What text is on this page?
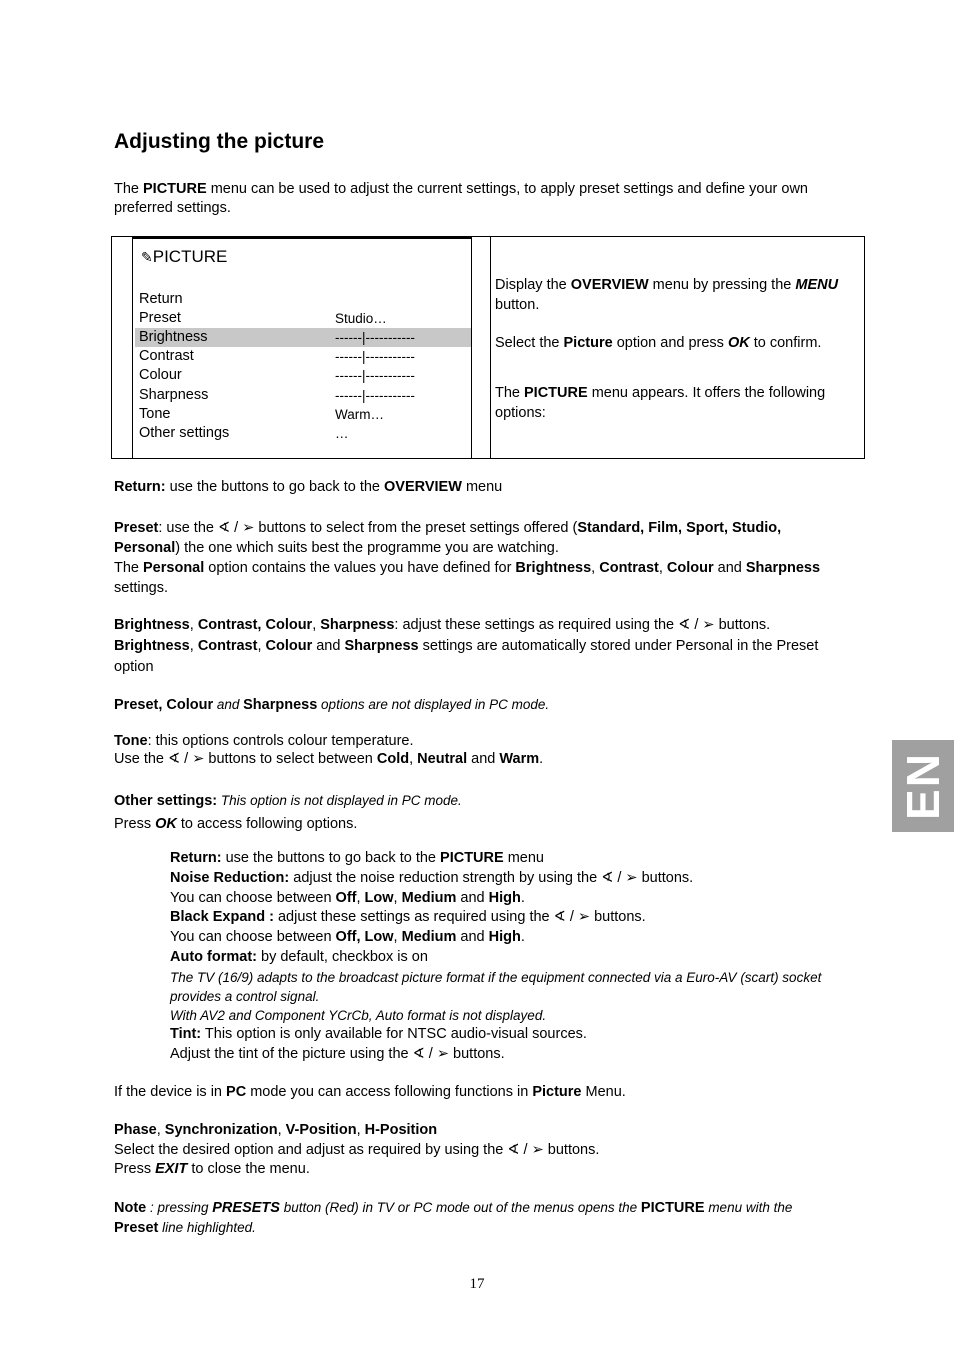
Adjusting the picture

The PICTURE menu can be used to adjust the current settings, to apply preset settings and define your own preferred settings.

✎PICTURE
Return
Preset	Studio…
Brightness	------|-----------
Contrast	------|-----------
Colour	------|-----------
Sharpness	------|-----------
Tone	Warm…
Other settings	…

Display the OVERVIEW menu by pressing the MENU
button.

Select the Picture option and press OK to confirm.

The PICTURE menu appears. It offers the following
options:

Return: use the buttons to go back to the OVERVIEW menu

Preset: use the ∢ / ➢ buttons to select from the preset settings offered (Standard, Film, Sport, Studio,
Personal) the one which suits best the programme you are watching.
The Personal option contains the values you have defined for Brightness, Contrast, Colour and Sharpness
settings.

Brightness, Contrast, Colour, Sharpness: adjust these settings as required using the ∢ / ➢ buttons.
Brightness, Contrast, Colour and Sharpness settings are automatically stored under Personal in the Preset
option

Preset, Colour and Sharpness options are not displayed in PC mode.

Tone: this options controls colour temperature.
Use the ∢ / ➢ buttons to select between Cold, Neutral and Warm.

Other settings: This option is not displayed in PC mode.
Press OK to access following options.

Return: use the buttons to go back to the PICTURE menu
Noise Reduction: adjust the noise reduction strength by using the ∢ / ➢ buttons.
You can choose between Off, Low, Medium and High.
Black Expand : adjust these settings as required using the ∢ / ➢ buttons.
You can choose between Off, Low, Medium and High.
Auto format: by default, checkbox is on
The TV (16/9) adapts to the broadcast picture format if the equipment connected via a Euro-AV (scart) socket
provides a control signal.
With AV2 and Component YCrCb, Auto format is not displayed.
Tint: This option is only available for NTSC audio-visual sources.
Adjust the tint of the picture using the ∢ / ➢ buttons.

If the device is in PC mode you can access following functions in Picture Menu.

Phase, Synchronization, V-Position, H-Position
Select the desired option and adjust as required by using the ∢ / ➢ buttons.
Press EXIT to close the menu.

Note : pressing PRESETS button (Red) in TV or PC mode out of the menus opens the PICTURE menu with the
Preset line highlighted.

EN
17
